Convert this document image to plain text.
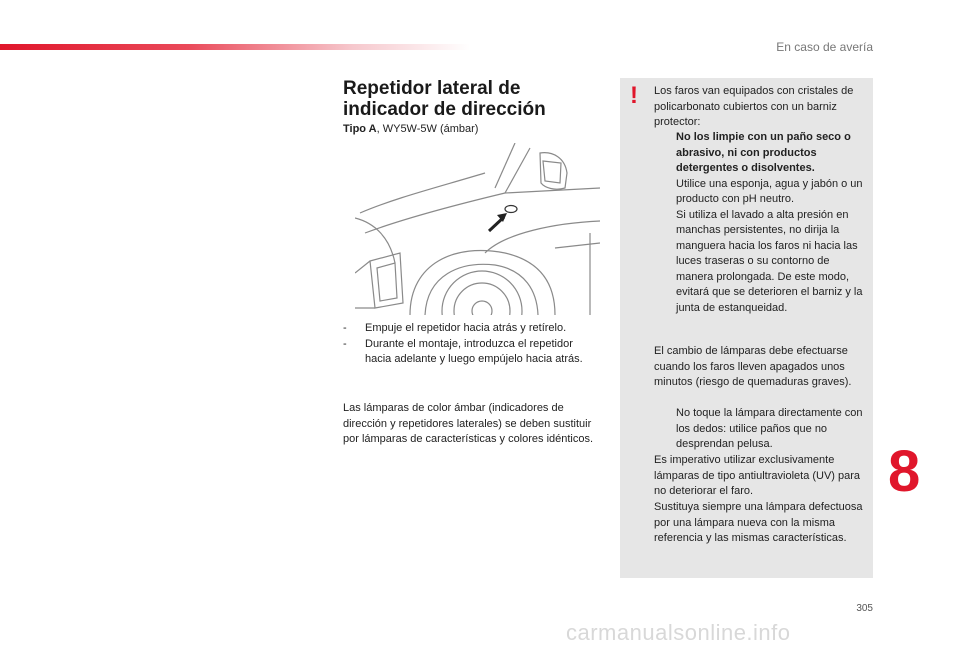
En caso de avería
Repetidor lateral de indicador de dirección
Tipo A, WY5W-5W (ámbar)
- Empuje el repetidor hacia atrás y retírelo.
- Durante el montaje, introduzca el repetidor hacia adelante y luego empújelo hacia atrás.

Las lámparas de color ámbar (indicadores de dirección y repetidores laterales) se deben sustituir por lámparas de características y colores idénticos.

! Los faros van equipados con cristales de policarbonato cubiertos con un barniz protector:

No los limpie con un paño seco o abrasivo, ni con productos detergentes o disolventes.
Utilice una esponja, agua y jabón o un producto con pH neutro.
Si utiliza el lavado a alta presión en manchas persistentes, no dirija la manguera hacia los faros ni hacia las luces traseras o su contorno de manera prolongada. De este modo, evitará que se deterioren el barniz y la junta de estanqueidad.

El cambio de lámparas debe efectuarse cuando los faros lleven apagados unos minutos (riesgo de quemaduras graves).

No toque la lámpara directamente con los dedos: utilice paños que no desprendan pelusa.

Es imperativo utilizar exclusivamente lámparas de tipo antiultravioleta (UV) para no deteriorar el faro.

Sustituya siempre una lámpara defectuosa por una lámpara nueva con la misma referencia y las mismas características.

8
305
carmanualsonline.info
